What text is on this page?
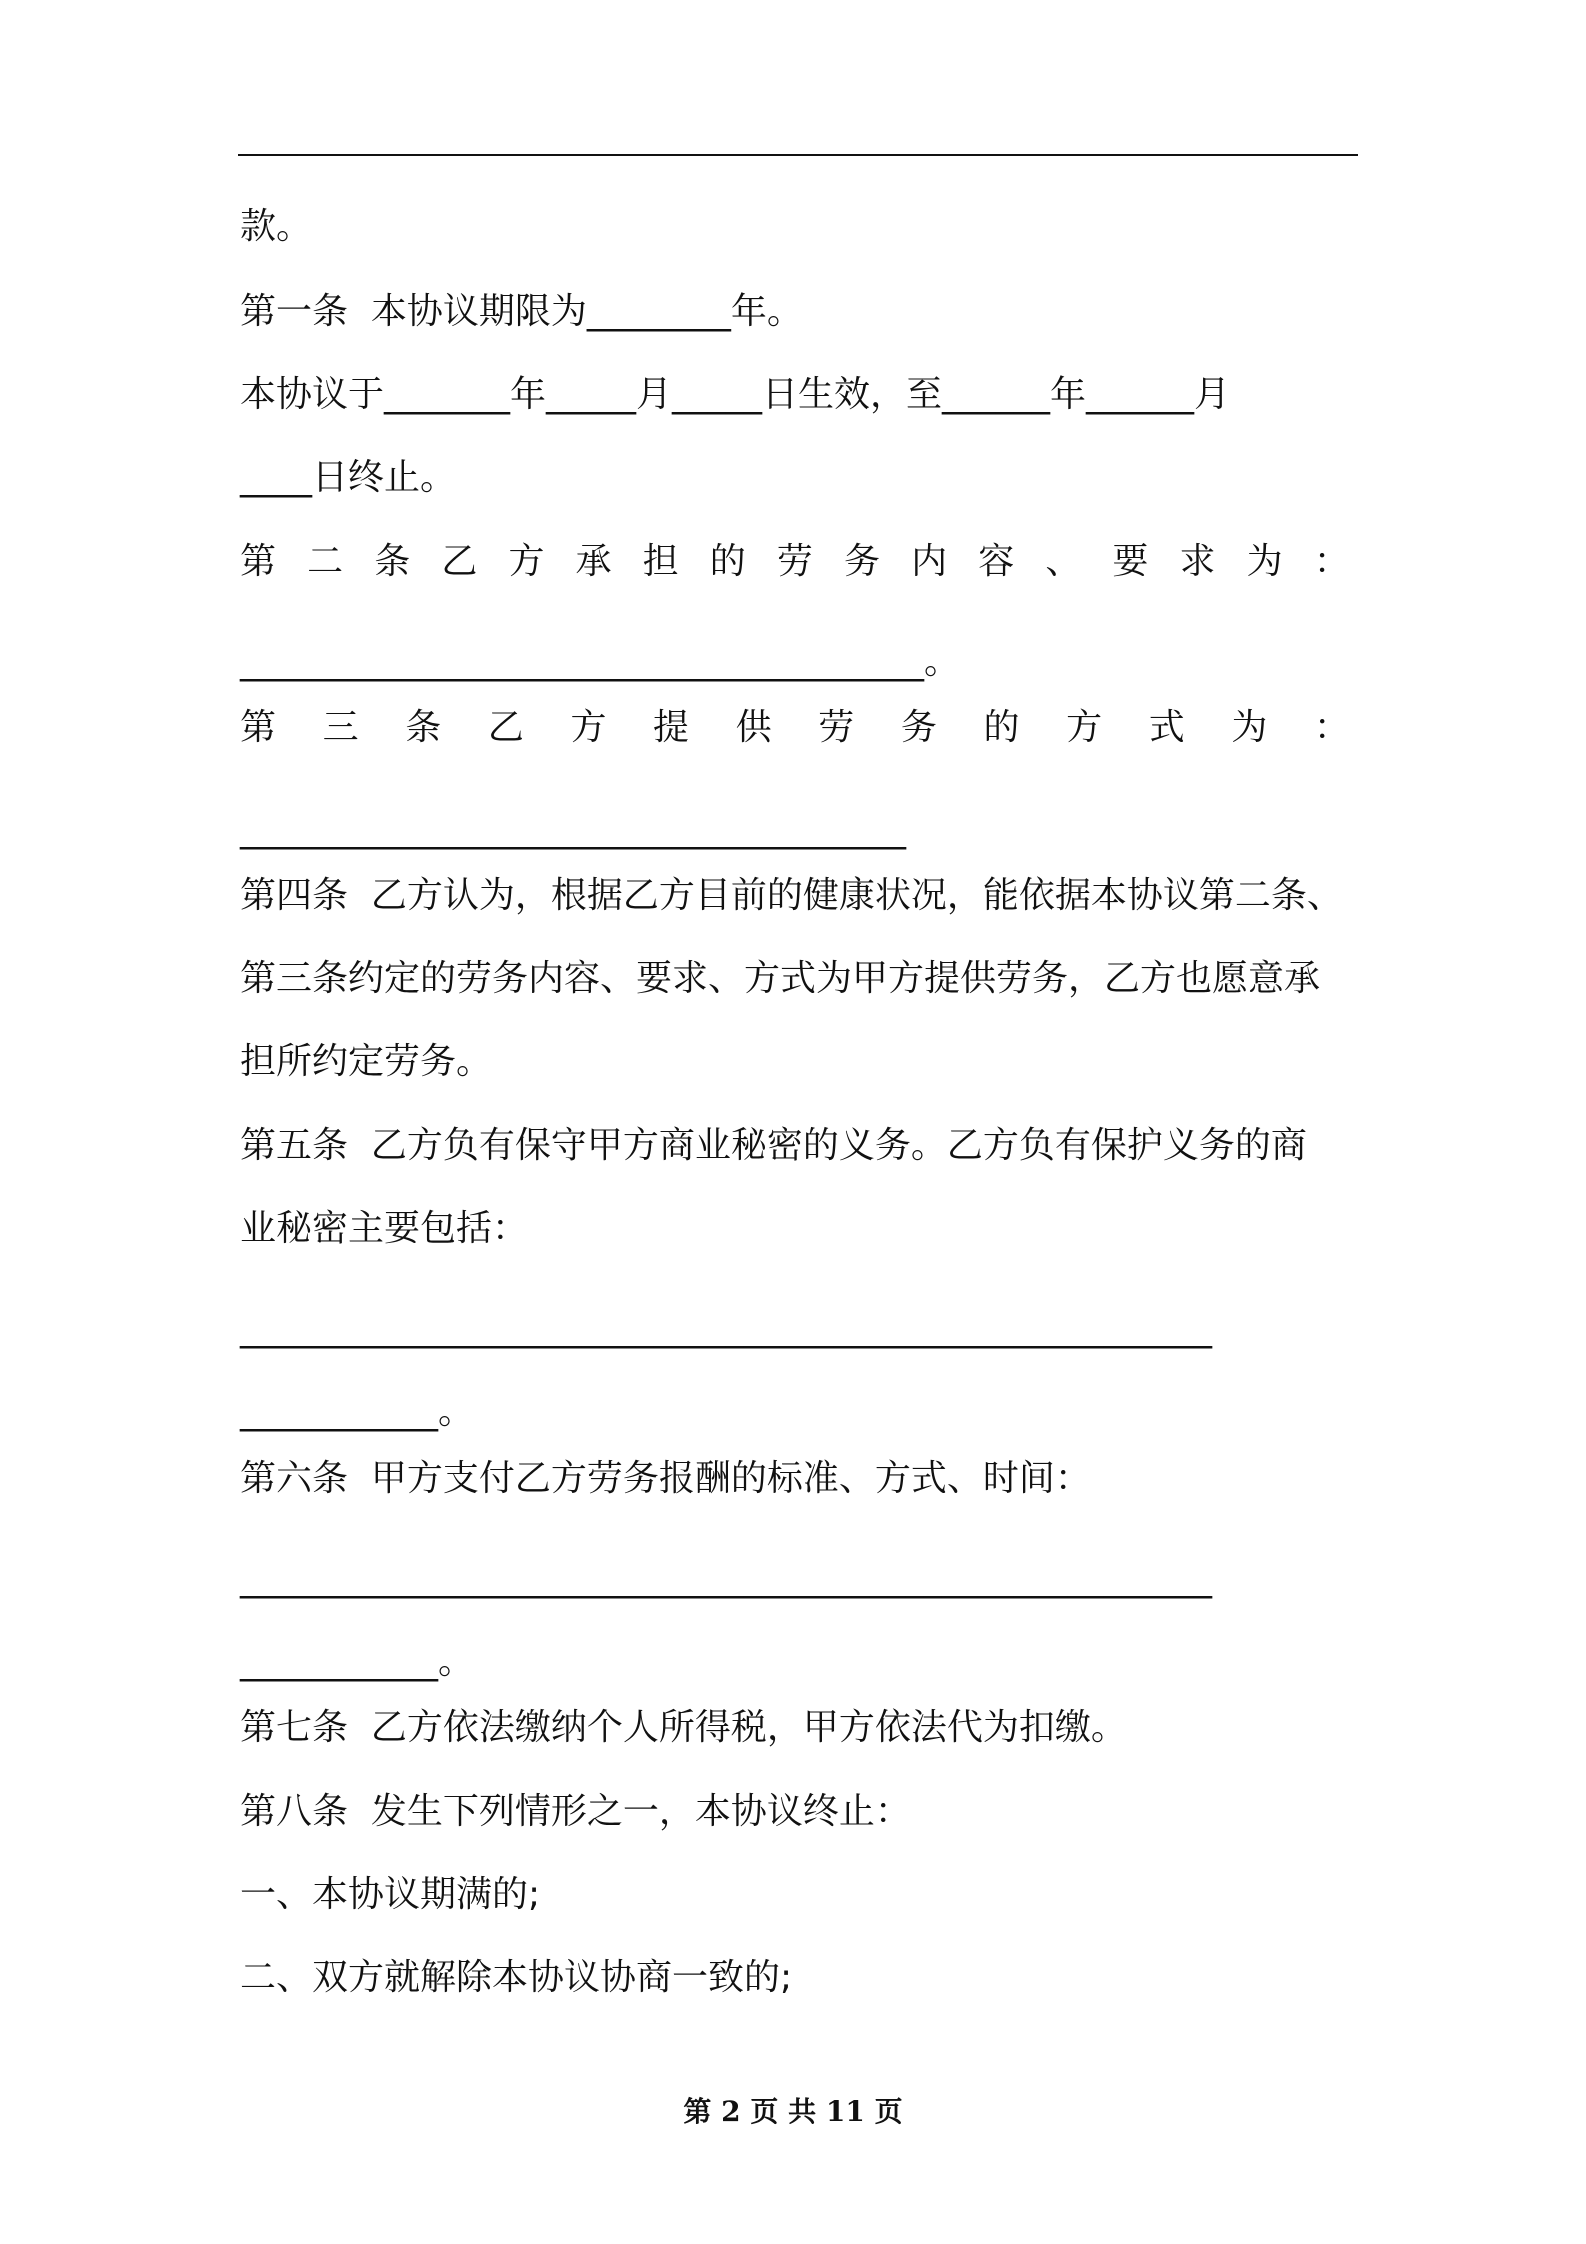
款。
第一条  本协议期限为________年。
本协议于_______年_____月_____日生效，至______年______月
____日终止。
第 二 条 乙 方 承 担 的 劳 务 内 容 、 要 求 为 ：
______________________________________。
第 三 条 乙 方 提 供 劳 务 的 方 式 为 ：
_____________________________________
第四条  乙方认为，根据乙方目前的健康状况，能依据本协议第二条、
第三条约定的劳务内容、要求、方式为甲方提供劳务，乙方也愿意承
担所约定劳务。
第五条  乙方负有保守甲方商业秘密的义务。乙方负有保护义务的商
业秘密主要包括：
______________________________________________________
___________。
第六条  甲方支付乙方劳务报酬的标准、方式、时间：
______________________________________________________
___________。
第七条  乙方依法缴纳个人所得税，甲方依法代为扣缴。
第八条  发生下列情形之一，本协议终止：
一、本协议期满的;
二、双方就解除本协议协商一致的;
第 2 页 共 11 页
